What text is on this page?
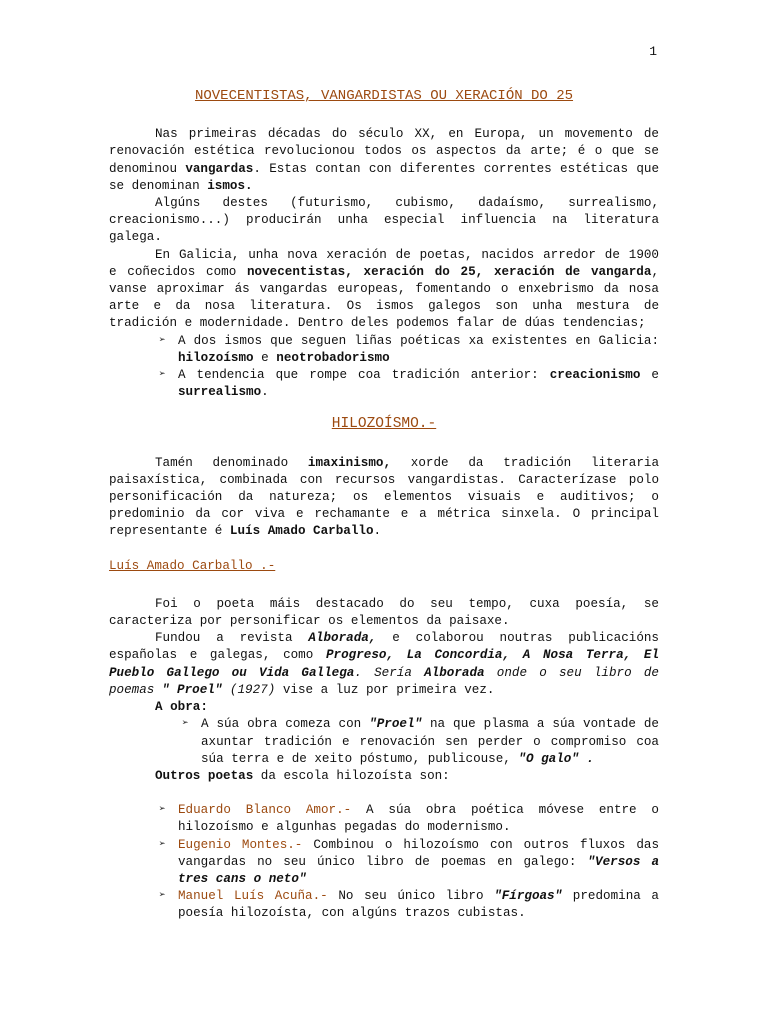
1
NOVECENTISTAS, VANGARDISTAS OU XERACIÓN DO 25

Nas primeiras décadas do século XX, en Europa, un movemento de renovación estética revolucionou todos os aspectos da arte; é o que se denominou vangardas. Estas contan con diferentes correntes estéticas que se denominan ismos.

Algúns destes (futurismo, cubismo, dadaísmo, surrealismo, creacionismo...) producirán unha especial influencia na literatura galega.

En Galicia, unha nova xeración de poetas, nacidos arredor de 1900 e coñecidos como novecentistas, xeración do 25, xeración de vangarda, vanse aproximar ás vangardas europeas, fomentando o enxebrismo da nosa arte e da nosa literatura. Os ismos galegos son unha mestura de tradición e modernidade. Dentro deles podemos falar de dúas tendencias;

➢ A dos ismos que seguen liñas poéticas xa existentes en Galicia: hilozoísmo e neotrobadorismo
➢ A tendencia que rompe coa tradición anterior: creacionismo e surrealismo.
HILOZOÍSMO.-

Tamén denominado imaxinismo, xorde da tradición literaria paisaxística, combinada con recursos vangardistas. Caracterízase polo personificación da natureza; os elementos visuais e auditivos; o predominio da cor viva e rechamante e a métrica sinxela. O principal representante é Luís Amado Carballo.

Luís Amado Carballo .-

Foi o poeta máis destacado do seu tempo, cuxa poesía, se caracteriza por personificar os elementos da paisaxe.

Fundou a revista Alborada, e colaborou noutras publicacións españolas e galegas, como Progreso, La Concordia, A Nosa Terra, El Pueblo Gallego ou Vida Gallega. Sería Alborada onde o seu libro de poemas " Proel" (1927) vise a luz por primeira vez.

A obra:
➢ A súa obra comeza con "Proel" na que plasma a súa vontade de axuntar tradición e renovación sen perder o compromiso coa súa terra e de xeito póstumo, publicouse, "O galo" .
Outros poetas da escola hilozoísta son:
➢ Eduardo Blanco Amor.- A súa obra poética móvese entre o hilozoísmo e algunhas pegadas do modernismo.
➢ Eugenio Montes.- Combinou o hilozoísmo con outros fluxos das vangardas no seu único libro de poemas en galego: "Versos a tres cans o neto"
➢ Manuel Luís Acuña.- No seu único libro "Fírgoas" predomina a poesía hilozoísta, con algúns trazos cubistas.
